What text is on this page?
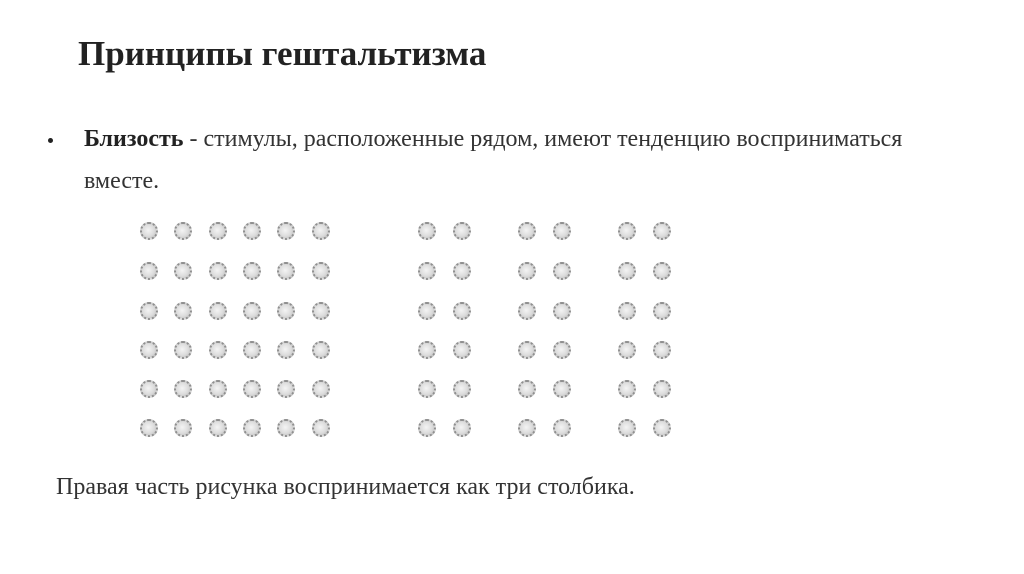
Принципы гештальтизма
Близость - стимулы, расположенные рядом, имеют тенденцию восприниматься вместе.
Правая часть рисунка воспринимается как три столбика.
